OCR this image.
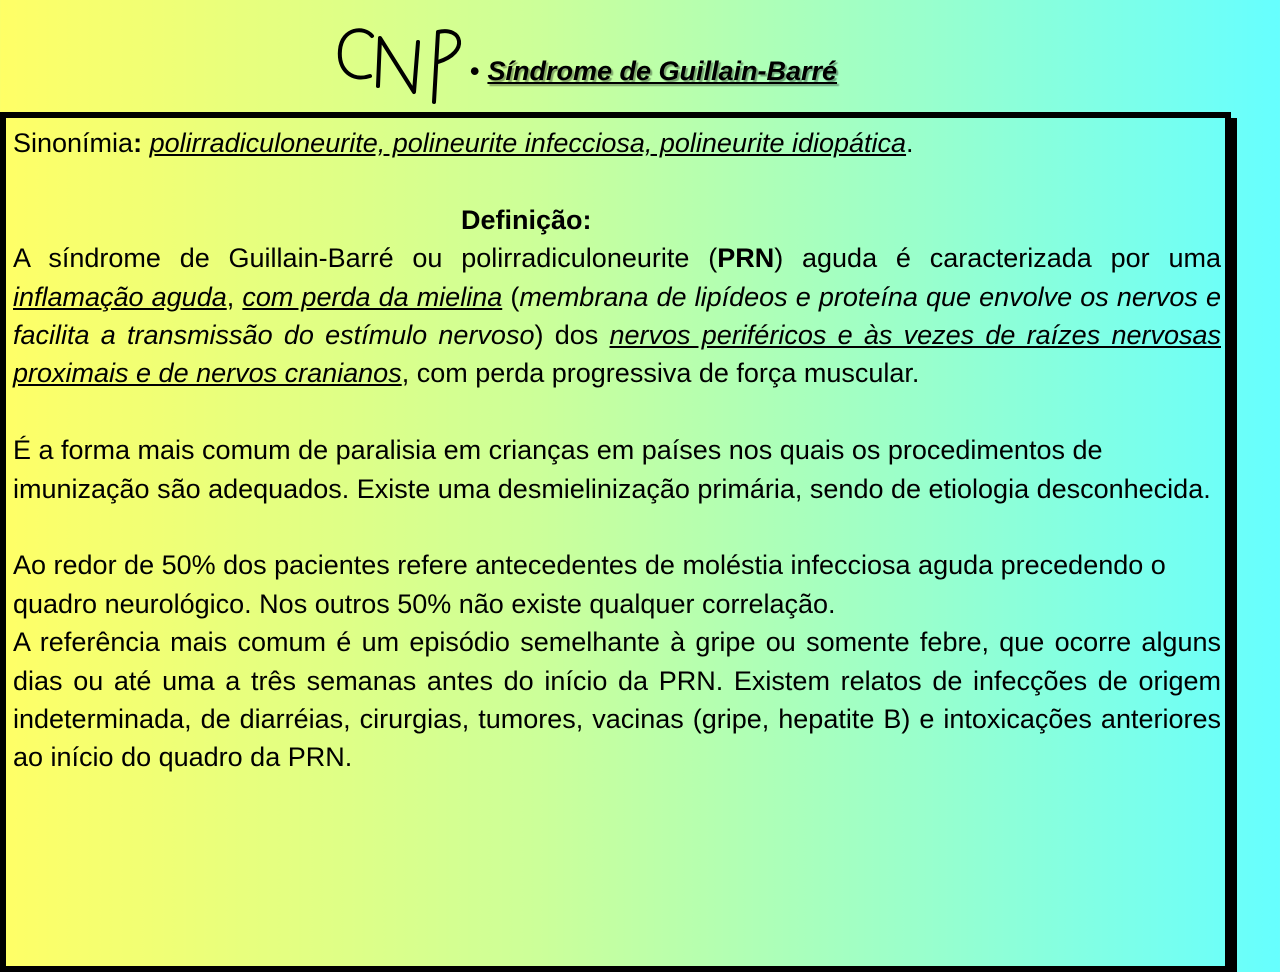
• Síndrome de Guillain-Barré

Sinonímia: polirradiculoneurite, polineurite infecciosa, polineurite idiopática.

Definição:

A síndrome de Guillain-Barré ou polirradiculoneurite (PRN) aguda é caracterizada por uma inflamação aguda, com perda da mielina (membrana de lipídeos e proteína que envolve os nervos e facilita a transmissão do estímulo nervoso) dos nervos periféricos e às vezes de raízes nervosas proximais e de nervos cranianos, com perda progressiva de força muscular.

É a forma mais comum de paralisia em crianças em países nos quais os procedimentos de imunização são adequados. Existe uma desmielinização primária, sendo de etiologia desconhecida.

Ao redor de 50% dos pacientes refere antecedentes de moléstia infecciosa aguda precedendo o quadro neurológico. Nos outros 50% não existe qualquer correlação.

A referência mais comum é um episódio semelhante à gripe ou somente febre, que ocorre alguns dias ou até uma a três semanas antes do início da PRN. Existem relatos de infecções de origem indeterminada, de diarréias, cirurgias, tumores, vacinas (gripe, hepatite B) e intoxicações anteriores ao início do quadro da PRN.
